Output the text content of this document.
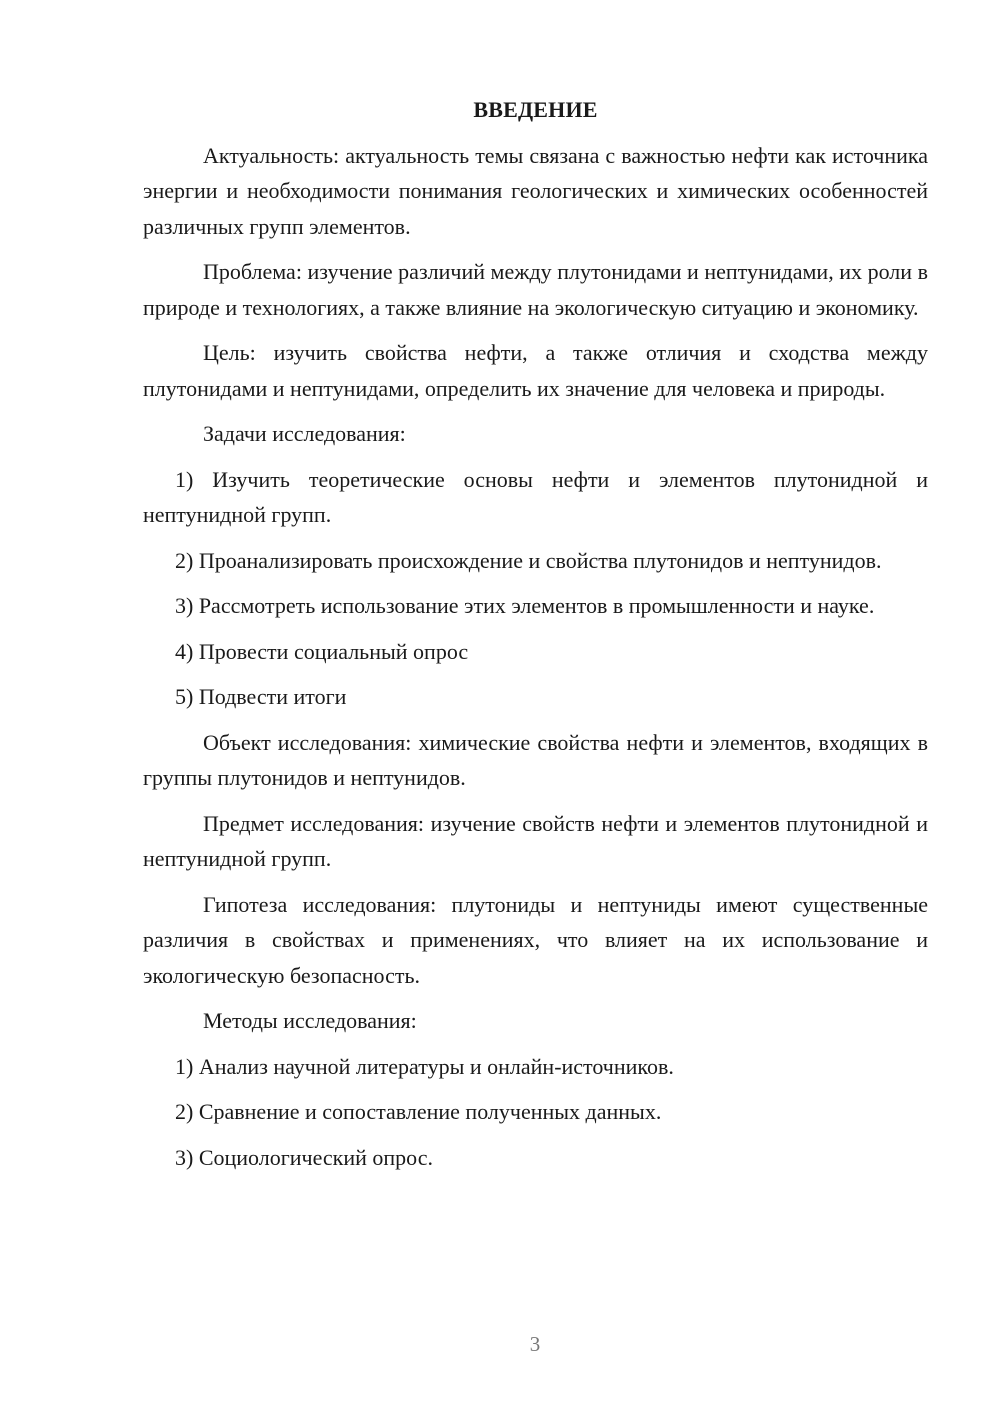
ВВЕДЕНИЕ

Актуальность: актуальность темы связана с важностью нефти как источника энергии и необходимости понимания геологических и химических особенностей различных групп элементов.

Проблема: изучение различий между плутонидами и нептунидами, их роли в природе и технологиях, а также влияние на экологическую ситуацию и экономику.

Цель: изучить свойства нефти, а также отличия и сходства между плутонидами и нептунидами, определить их значение для человека и природы.

Задачи исследования:

1) Изучить теоретические основы нефти и элементов плутонидной и нептунидной групп.

2) Проанализировать происхождение и свойства плутонидов и нептунидов.

3) Рассмотреть использование этих элементов в промышленности и науке.

4) Провести социальный опрос

5) Подвести итоги

Объект исследования: химические свойства нефти и элементов, входящих в группы плутонидов и нептунидов.

Предмет исследования: изучение свойств нефти и элементов плутонидной и нептунидной групп.

Гипотеза исследования: плутониды и нептуниды имеют существенные различия в свойствах и применениях, что влияет на их использование и экологическую безопасность.

Методы исследования:

1) Анализ научной литературы и онлайн-источников.

2) Сравнение и сопоставление полученных данных.

3) Социологический опрос.

3
